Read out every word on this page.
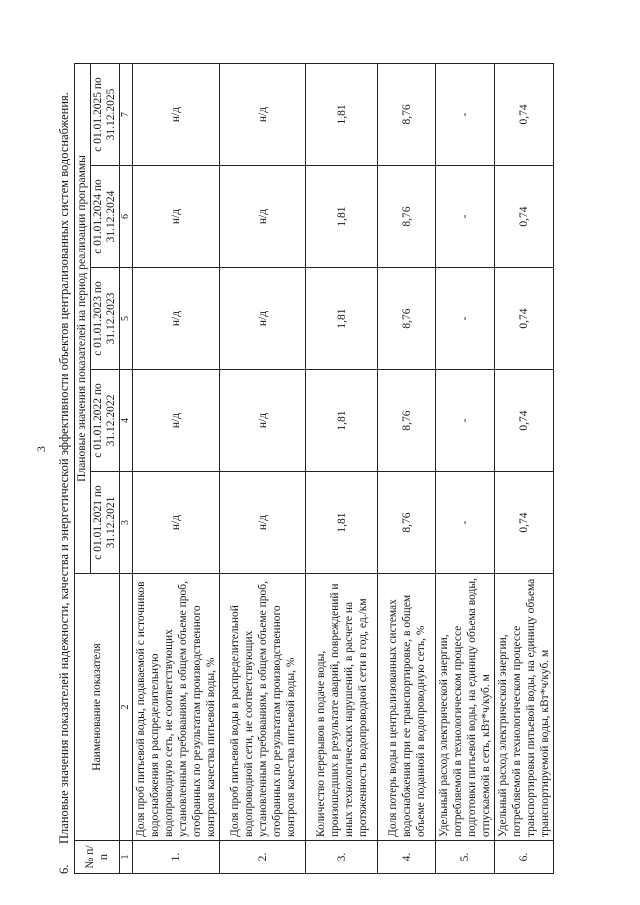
3
6.Плановые значения показателей надежности, качества и энергетической эффективности объектов централизованных систем водоснабжения.
№ п/п	Наименование показателя	Плановые значения показателей на период реализации программы				
		с 01.01.2021 по 31.12.2021	с 01.01.2022 по 31.12.2022	с 01.01.2023 по 31.12.2023	с 01.01.2024 по 31.12.2024	с 01.01.2025 по 31.12.2025
1	2	3	4	5	6	7
1.	Доля проб питьевой воды, подаваемой с источников водоснабжения в распределительную водопроводную сеть, не соответствующих установленным требованиям, в общем объеме проб, отобранных по результатам производственного контроля качества питьевой воды, %	н/д	н/д	н/д	н/д	н/д
2.	Доля проб питьевой воды в распределительной водопроводной сети, не соответствующих установленным требованиям, в общем объеме проб, отобранных по результатам производственного контроля качества питьевой воды, %	н/д	н/д	н/д	н/д	н/д
3.	Количество перерывов в подаче воды, произошедших в результате аварий, повреждений и иных технологических нарушений, в расчете на протяженность водопроводной сети в год, ед./км	1,81	1,81	1,81	1,81	1,81
4.	Доля потерь воды в централизованных системах водоснабжения при ее транспортировке, в общем объеме поданной в водопроводную сеть, %	8,76	8,76	8,76	8,76	8,76
5.	Удельный расход электрической энергии, потребляемой в технологическом процессе подготовки питьевой воды, на единицу объема воды, отпускаемой в сеть, кВт*ч/куб. м	-	-	-	-	-
6.	Удельный расход электрической энергии, потребляемой в технологическом процессе транспортировки питьевой воды, на единицу объема транспортируемой воды, кВт*ч/куб. м	0,74	0,74	0,74	0,74	0,74
